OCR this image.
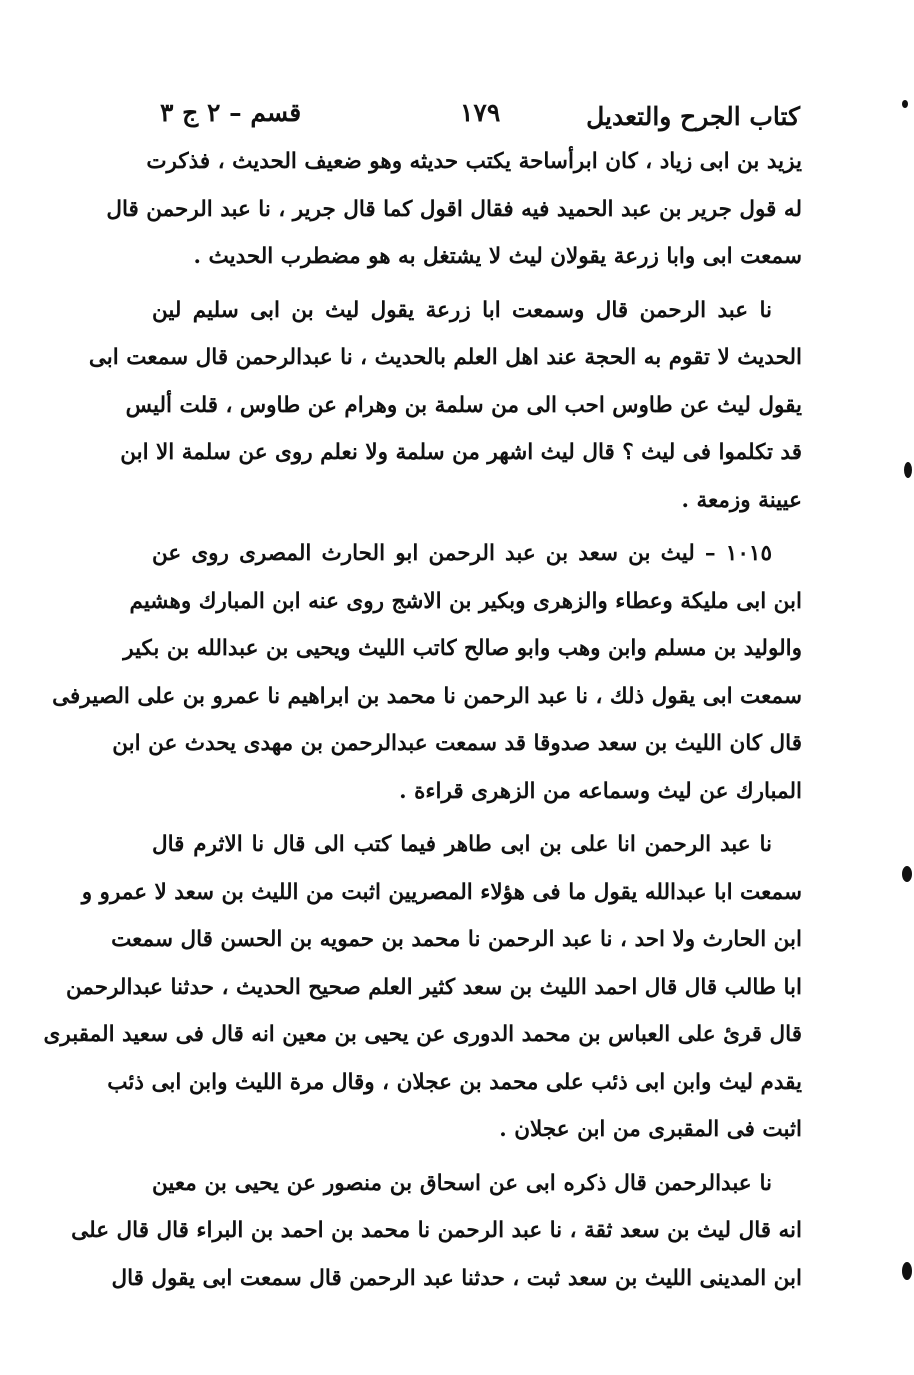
كتاب الجرح والتعديل
١٧٩
قسم – ٢ ج ٣

يزيد بن ابى زياد ، كان ابرأساحة يكتب حديثه وهو ضعيف الحديث ، فذكرت
له قول جرير بن عبد الحميد فيه فقال اقول كما قال جرير ، نا عبد الرحمن قال
سمعت ابى وابا زرعة يقولان ليث لا يشتغل به هو مضطرب الحديث .

نا عبد الرحمن قال وسمعت ابا زرعة يقول ليث بن ابى سليم لين
الحديث لا تقوم به الحجة عند اهل العلم بالحديث ، نا عبدالرحمن قال سمعت ابى
يقول ليث عن طاوس احب الى من سلمة بن وهرام عن طاوس ، قلت أليس
قد تكلموا فى ليث ؟ قال ليث اشهر من سلمة ولا نعلم روى عن سلمة الا ابن
عيينة وزمعة .

١٠١٥ – ليث بن سعد بن عبد الرحمن ابو الحارث المصرى روى عن
ابن ابى مليكة وعطاء والزهرى وبكير بن الاشج روى عنه ابن المبارك وهشيم
والوليد بن مسلم وابن وهب وابو صالح كاتب الليث ويحيى بن عبدالله بن بكير
سمعت ابى يقول ذلك ، نا عبد الرحمن نا محمد بن ابراهيم نا عمرو بن على الصيرفى
قال كان الليث بن سعد صدوقا قد سمعت عبدالرحمن بن مهدى يحدث عن ابن
المبارك عن ليث وسماعه من الزهرى قراءة .

نا عبد الرحمن انا على بن ابى طاهر فيما كتب الى قال نا الاثرم قال
سمعت ابا عبدالله يقول ما فى هؤلاء المصريين اثبت من الليث بن سعد لا عمرو و
ابن الحارث ولا احد ، نا عبد الرحمن نا محمد بن حمويه بن الحسن قال سمعت
ابا طالب قال قال احمد الليث بن سعد كثير العلم صحيح الحديث ، حدثنا عبدالرحمن
قال قرئ على العباس بن محمد الدورى عن يحيى بن معين انه قال فى سعيد المقبرى
يقدم ليث وابن ابى ذئب على محمد بن عجلان ، وقال مرة الليث وابن ابى ذئب
اثبت فى المقبرى من ابن عجلان .

نا عبدالرحمن قال ذكره ابى عن اسحاق بن منصور عن يحيى بن معين
انه قال ليث بن سعد ثقة ، نا عبد الرحمن نا محمد بن احمد بن البراء قال قال على
ابن المدينى الليث بن سعد ثبت ، حدثنا عبد الرحمن قال سمعت ابى يقول قال
